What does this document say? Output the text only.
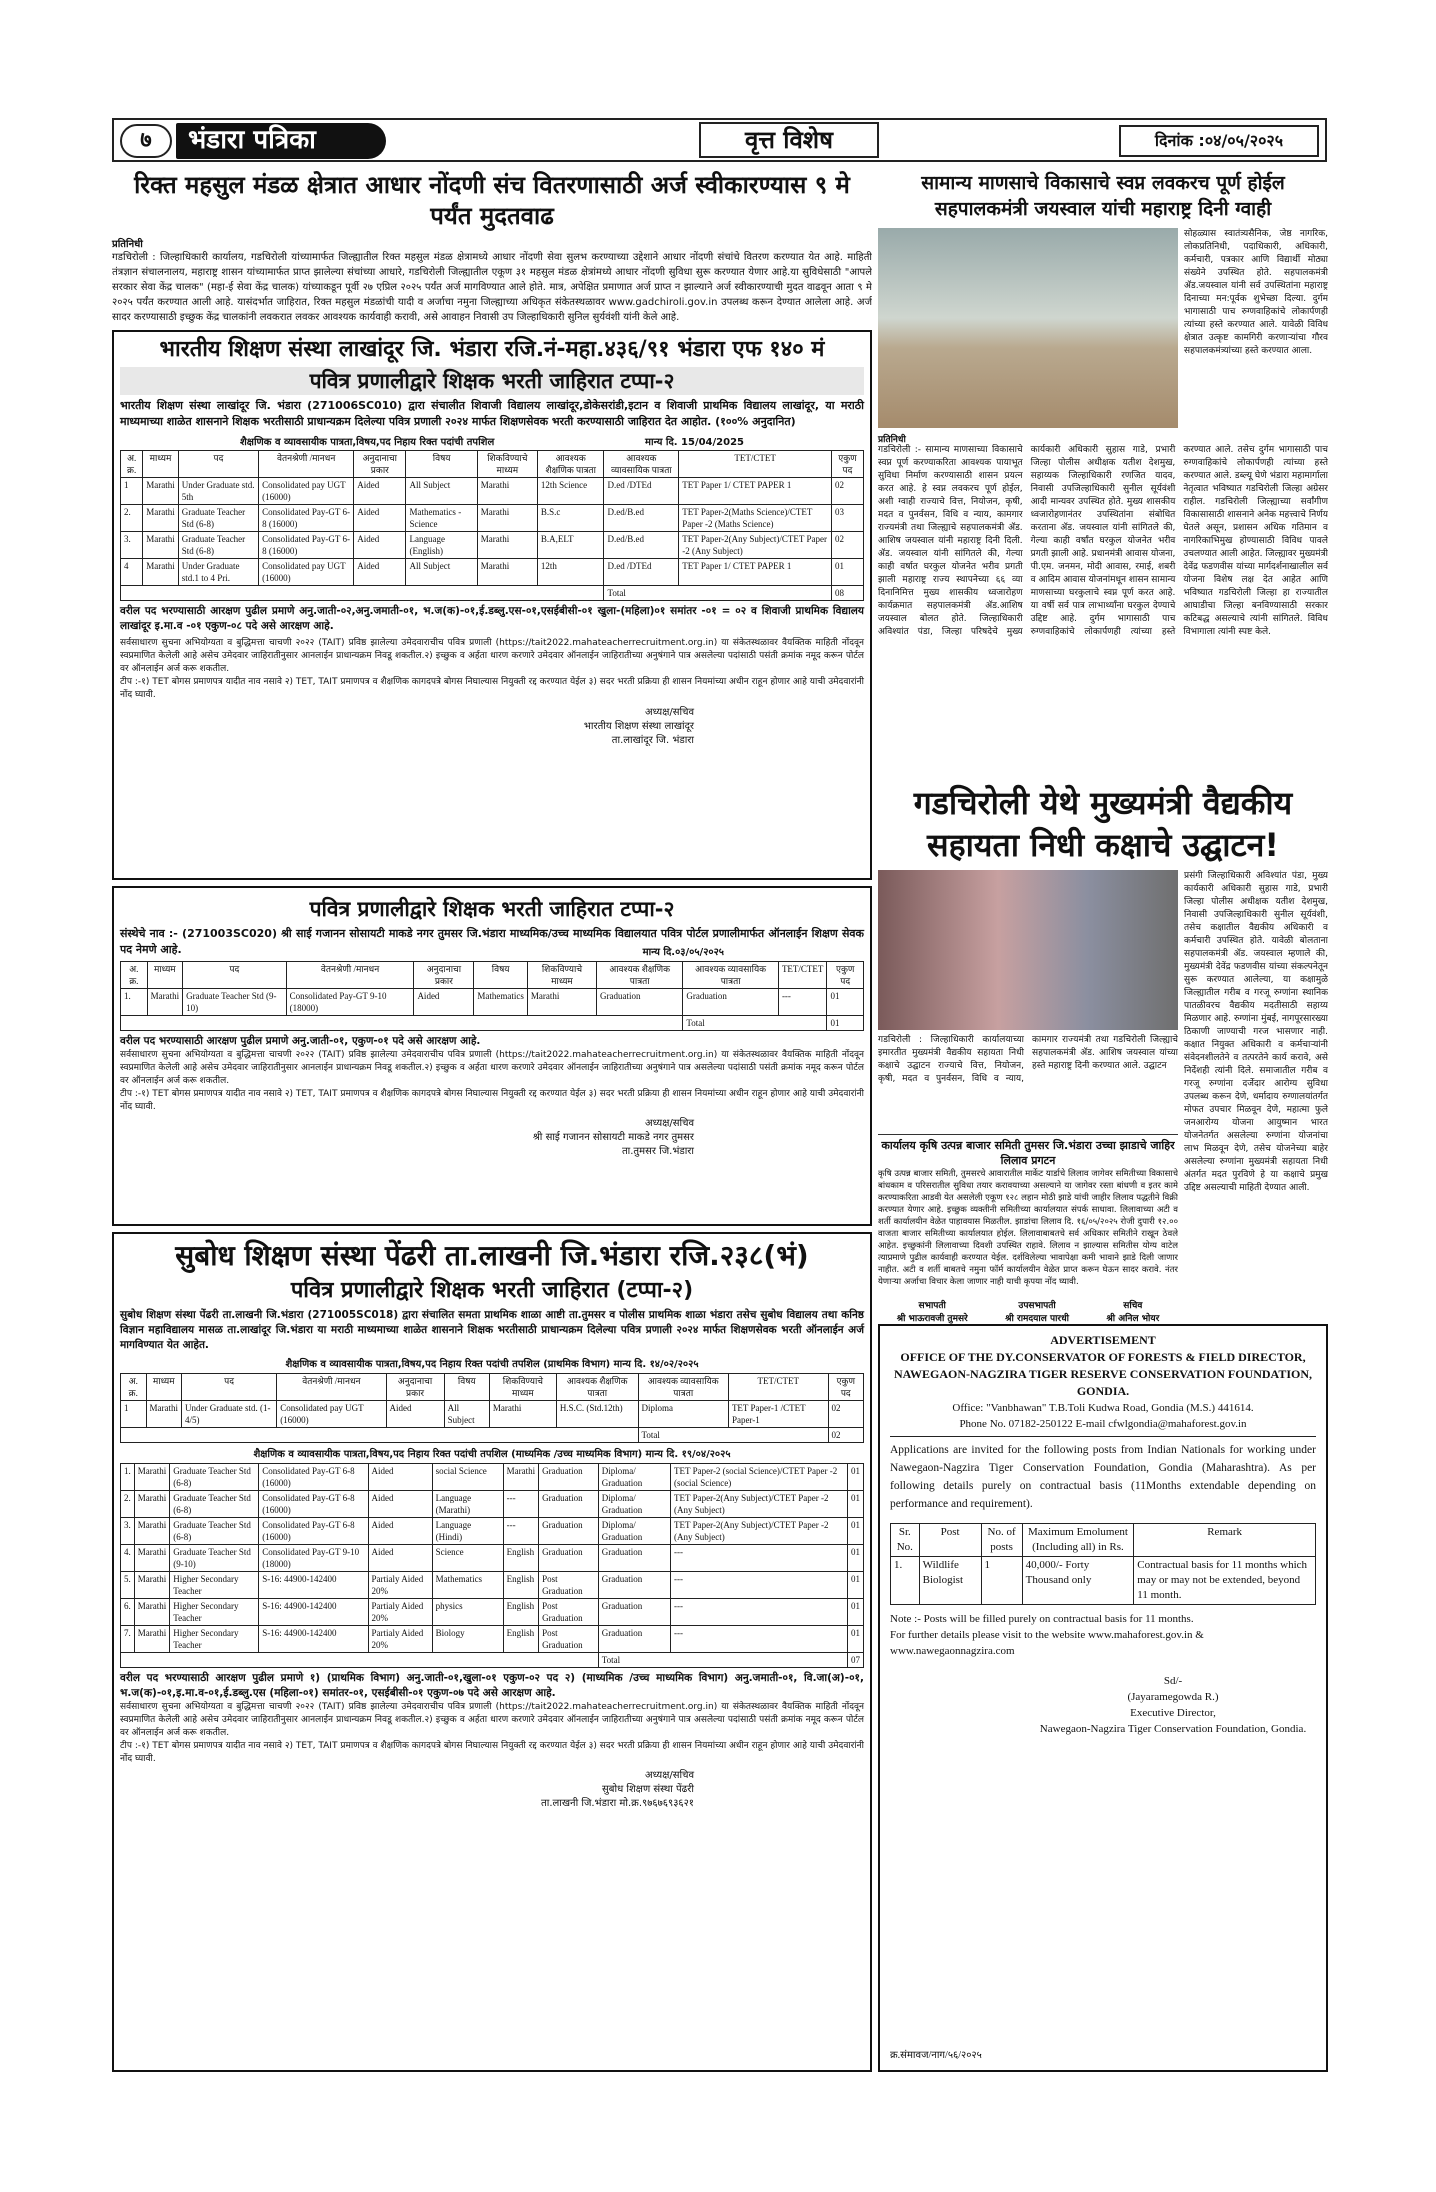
७	भंडारा पत्रिका	वृत्त विशेष	दिनांक :०४/०५/२०२५
रिक्त महसुल मंडळ क्षेत्रात आधार नोंदणी संच वितरणासाठी अर्ज स्वीकारण्यास ९ मे पर्यंत मुदतवाढ
प्रतिनिधी
गडचिरोली : जिल्हाधिकारी कार्यालय, गडचिरोली यांच्यामार्फत जिल्ह्यातील रिक्त महसुल मंडळ क्षेत्रामध्ये आधार नोंदणी सेवा सुलभ करण्याच्या उद्देशाने आधार नोंदणी संचांचे वितरण करण्यात येत आहे. माहिती तंत्रज्ञान संचालनालय, महाराष्ट्र शासन यांच्यामार्फत प्राप्त झालेल्या संचांच्या आधारे, गडचिरोली जिल्ह्यातील एकूण ३१ महसुल मंडळ क्षेत्रांमध्ये आधार नोंदणी सुविधा सुरू करण्यात येणार आहे.या सुविधेसाठी "आपले सरकार सेवा केंद्र चालक" (महा-ई सेवा केंद्र चालक) यांच्याकडून पूर्वी २७ एप्रिल २०२५ पर्यंत अर्ज मागविण्यात आले होते. मात्र, अपेक्षित प्रमाणात अर्ज प्राप्त न झाल्याने अर्ज स्वीकारण्याची मुदत वाढवून आता ९ मे २०२५ पर्यंत करण्यात आली आहे. यासंदर्भात जाहिरात, रिक्त महसुल मंडळांची यादी व अर्जाचा नमुना जिल्ह्याच्या अधिकृत संकेतस्थळावर www.gadchiroli.gov.in उपलब्ध करून देण्यात आलेला आहे. अर्ज सादर करण्यासाठी इच्छुक केंद्र चालकांनी लवकरात लवकर आवश्यक कार्यवाही करावी, असे आवाहन निवासी उप जिल्हाधिकारी सुनिल सुर्यवंशी यांनी केले आहे.
भारतीय शिक्षण संस्था लाखांदूर जि. भंडारा रजि.नं-महा.४३६/९१ भंडारा एफ १४० मं
पवित्र प्रणालीद्वारे शिक्षक भरती जाहिरात टप्पा-२
भारतीय शिक्षण संस्था लाखांदूर जि. भंडारा (271006SC010) द्वारा संचालीत शिवाजी विद्यालय लाखांदूर,डोकेसरांडी,इटान व शिवाजी प्राथमिक विद्यालय लाखांदूर, या मराठी माध्यमाच्या शाळेत शासनाने शिक्षक भरतीसाठी प्राधान्यक्रम दिलेल्या पवित्र प्रणाली २०२४ मार्फत शिक्षणसेवक भरती करण्यासाठी जाहिरात देत आहोत. (१००% अनुदानित)
शैक्षणिक व व्यावसायीक पात्रता,विषय,पद निहाय रिक्त पदांची तपशिल	मान्य दि. 15/04/2025
अ. क्र.	माध्यम	पद	वेतनश्रेणी /मानधन	अनुदानाचा प्रकार	विषय	शिकविण्याचे माध्यम	आवश्यक शैक्षणिक पात्रता	आवश्यक व्यावसायिक पात्रता	TET/CTET	एकुण पद
1	Marathi	Under Graduate std. 5th	Consolidated pay UGT (16000)	Aided	All Subject	Marathi	12th Science	D.ed /DTEd	TET Paper 1/ CTET PAPER 1	02
2.	Marathi	Graduate Teacher Std (6-8)	Consolidated Pay-GT 6-8 (16000)	Aided	Mathematics -Science	Marathi	B.S.c	D.ed/B.ed	TET Paper-2(Maths Science)/CTET Paper -2 (Maths Science)	03
3.	Marathi	Graduate Teacher Std (6-8)	Consolidated Pay-GT 6-8 (16000)	Aided	Language (English)	Marathi	B.A,ELT	D.ed/B.ed	TET Paper-2(Any Subject)/CTET Paper -2 (Any Subject)	02
4	Marathi	Under Graduate std.1 to 4 Pri.	Consolidated pay UGT (16000)	Aided	All Subject	Marathi	12th	D.ed /DTEd	TET Paper 1/ CTET PAPER 1	01
								Total		08
वरील पद भरण्यासाठी आरक्षण पुढील प्रमाणे अनु.जाती-०२,अनु.जमाती-०१, भ.ज(क)-०१,ई.डब्लु.एस-०१,एसईबीसी-०१ खुला-(महिला)०१ समांतर -०१ = ०२ व शिवाजी प्राथमिक विद्यालय लाखांदूर इ.मा.व -०१ एकुण-०८ पदे असे आरक्षण आहे.
सर्वसाधारण सुचना अभियोग्यता व बुद्धिमत्ता चाचणी २०२२ (TAIT) प्रविष्ठ झालेल्या उमेदवाराचीच पवित्र प्रणाली (https://tait2022.mahateacherrecruitment.org.in) या संकेतस्थळावर वैयक्तिक माहिती नोंदवून स्वप्रमाणित केलेली आहे असेच उमेदवार जाहिरातीनुसार आनलाईन प्राधान्यक्रम निवडू शकतील.२) इच्छुक व अर्हता धारण करणारे उमेदवार ऑनलाईन जाहिरातीच्या अनुषंगाने पात्र असलेल्या पदांसाठी पसंती क्रमांक नमूद करून पोर्टल वर ऑनलाईन अर्ज करू शकतील.
टीप :-१) TET बोगस प्रमाणपत्र यादीत नाव नसावे २) TET, TAIT प्रमाणपत्र व शैक्षणिक कागदपत्रे बोगस निघाल्यास नियुक्ती रद्द करण्यात येईल ३) सदर भरती प्रक्रिया ही शासन नियमांच्या अधीन राहून होणार आहे याची उमेदवारांनी नोंद घ्यावी.
अध्यक्ष/सचिव
भारतीय शिक्षण संस्था लाखांदूर
ता.लाखांदूर जि. भंडारा
पवित्र प्रणालीद्वारे शिक्षक भरती जाहिरात टप्पा-२
संस्थेचे नाव :- (271003SC020) श्री साई गजानन सोसायटी माकडे नगर तुमसर जि.भंडारा माध्यमिक/उच्च माध्यमिक विद्यालयात पवित्र पोर्टल प्रणालीमार्फत ऑनलाईन शिक्षण सेवक पद नेमणे आहे.	मान्य दि.०३/०५/२०२५
अ. क्र.	माध्यम	पद	वेतनश्रेणी /मानधन	अनुदानाचा प्रकार	विषय	शिकविण्याचे माध्यम	आवश्यक शैक्षणिक पात्रता	आवश्यक व्यावसायिक पात्रता	TET/CTET	एकुण पद
1.	Marathi	Graduate Teacher Std (9-10)	Consolidated Pay-GT 9-10 (18000)	Aided	Mathematics	Marathi	Graduation	Graduation	---	01
								Total		01
वरील पद भरण्यासाठी आरक्षण पुढील प्रमाणे अनु.जाती-०१, एकुण-०१ पदे असे आरक्षण आहे.
सर्वसाधारण सुचना अभियोग्यता व बुद्धिमत्ता चाचणी २०२२ (TAIT) प्रविष्ठ झालेल्या उमेदवाराचीच पवित्र प्रणाली (https://tait2022.mahateacherrecruitment.org.in) या संकेतस्थळावर वैयक्तिक माहिती नोंदवून स्वप्रमाणित केलेली आहे असेच उमेदवार जाहिरातीनुसार आनलाईन प्राधान्यक्रम निवडू शकतील.२) इच्छुक व अर्हता धारण करणारे उमेदवार ऑनलाईन जाहिरातीच्या अनुषंगाने पात्र असलेल्या पदांसाठी पसंती क्रमांक नमूद करून पोर्टल वर ऑनलाईन अर्ज करू शकतील.
टीप :-१) TET बोगस प्रमाणपत्र यादीत नाव नसावे २) TET, TAIT प्रमाणपत्र व शैक्षणिक कागदपत्रे बोगस निघाल्यास नियुक्ती रद्द करण्यात येईल ३) सदर भरती प्रक्रिया ही शासन नियमांच्या अधीन राहून होणार आहे याची उमेदवारांनी नोंद घ्यावी.
अध्यक्ष/सचिव
श्री साई गजानन सोसायटी माकडे नगर तुमसर
ता.तुमसर जि.भंडारा
सुबोध शिक्षण संस्था पेंढरी ता.लाखनी जि.भंडारा रजि.२३८(भं)
पवित्र प्रणालीद्वारे शिक्षक भरती जाहिरात (टप्पा-२)
सुबोध शिक्षण संस्था पेंढरी ता.लाखनी जि.भंडारा (271005SC018) द्वारा संचालित समता प्राथमिक शाळा आष्टी ता.तुमसर व पोलीस प्राथमिक शाळा भंडारा तसेच सुबोध विद्यालय तथा कनिष्ठ विज्ञान महाविद्यालय मासळ ता.लाखांदूर जि.भंडारा या मराठी माध्यमाच्या शाळेत शासनाने शिक्षक भरतीसाठी प्राधान्यक्रम दिलेल्या पवित्र प्रणाली २०२४ मार्फत शिक्षणसेवक भरती ऑनलाईन अर्ज मागविण्यात येत आहेत.
शैक्षणिक व व्यावसायीक पात्रता,विषय,पद निहाय रिक्त पदांची तपशिल (प्राथमिक विभाग) मान्य दि. १४/०२/२०२५
अ. क्र.	माध्यम	पद	वेतनश्रेणी /मानधन	अनुदानाचा प्रकार	विषय	शिकविण्याचे माध्यम	आवश्यक शैक्षणिक पात्रता	आवश्यक व्यावसायिक पात्रता	TET/CTET	एकुण पद
1	Marathi	Under Graduate std. (1-4/5)	Consolidated pay UGT (16000)	Aided	All Subject	Marathi	H.S.C. (Std.12th)	Diploma	TET Paper-1 /CTET Paper-1	02
								Total		02
शैक्षणिक व व्यावसायीक पात्रता,विषय,पद निहाय रिक्त पदांची तपशिल (माध्यमिक /उच्च माध्यमिक विभाग) मान्य दि. १९/०४/२०२५
1.	Marathi	Graduate Teacher Std (6-8)	Consolidated Pay-GT 6-8 (16000)	Aided	social Science	Marathi	Graduation	Diploma/ Graduation	TET Paper-2 (social Science)/CTET Paper -2 (social Science)	01
2.	Marathi	Graduate Teacher Std (6-8)	Consolidated Pay-GT 6-8 (16000)	Aided	Language (Marathi)	---	Graduation	Diploma/ Graduation	TET Paper-2(Any Subject)/CTET Paper -2 (Any Subject)	01
3.	Marathi	Graduate Teacher Std (6-8)	Consolidated Pay-GT 6-8 (16000)	Aided	Language (Hindi)	---	Graduation	Diploma/ Graduation	TET Paper-2(Any Subject)/CTET Paper -2 (Any Subject)	01
4.	Marathi	Graduate Teacher Std (9-10)	Consolidated Pay-GT 9-10 (18000)	Aided	Science	English	Graduation	Graduation	---	01
5.	Marathi	Higher Secondary Teacher	S-16: 44900-142400	Partialy Aided 20%	Mathematics	English	Post Graduation	Graduation	---	01
6.	Marathi	Higher Secondary Teacher	S-16: 44900-142400	Partialy Aided 20%	physics	English	Post Graduation	Graduation	---	01
7.	Marathi	Higher Secondary Teacher	S-16: 44900-142400	Partialy Aided 20%	Biology	English	Post Graduation	Graduation	---	01
								Total		07
वरील पद भरण्यासाठी आरक्षण पुढील प्रमाणे १) (प्राथमिक विभाग) अनु.जाती-०१,खुला-०१ एकुण-०२ पद २) (माध्यमिक /उच्च माध्यमिक विभाग) अनु.जमाती-०१, वि.जा(अ)-०१, भ.ज(क)-०१,इ.मा.व-०१,ई.डब्लु.एस (महिला-०१) समांतर-०१, एसईबीसी-०१ एकुण-०७ पदे असे आरक्षण आहे.
सर्वसाधारण सुचना अभियोग्यता व बुद्धिमत्ता चाचणी २०२२ (TAIT) प्रविष्ठ झालेल्या उमेदवाराचीच पवित्र प्रणाली (https://tait2022.mahateacherrecruitment.org.in) या संकेतस्थळावर वैयक्तिक माहिती नोंदवून स्वप्रमाणित केलेली आहे असेच उमेदवार जाहिरातीनुसार आनलाईन प्राधान्यक्रम निवडू शकतील.२) इच्छुक व अर्हता धारण करणारे उमेदवार ऑनलाईन जाहिरातीच्या अनुषंगाने पात्र असलेल्या पदांसाठी पसंती क्रमांक नमूद करून पोर्टल वर ऑनलाईन अर्ज करू शकतील.
टीप :-१) TET बोगस प्रमाणपत्र यादीत नाव नसावे २) TET, TAIT प्रमाणपत्र व शैक्षणिक कागदपत्रे बोगस निघाल्यास नियुक्ती रद्द करण्यात येईल ३) सदर भरती प्रक्रिया ही शासन नियमांच्या अधीन राहून होणार आहे याची उमेदवारांनी नोंद घ्यावी.
अध्यक्ष/सचिव
सुबोध शिक्षण संस्था पेंढरी
ता.लाखनी जि.भंडारा मो.क्र.९७६७६९३६२१
सामान्य माणसाचे विकासाचे स्वप्न लवकरच पूर्ण होईल सहपालकमंत्री जयस्वाल यांची महाराष्ट्र दिनी ग्वाही
सोहळ्यास स्वातंत्र्यसैनिक, जेष्ठ नागरिक, लोकप्रतिनिधी, पदाधिकारी, अधिकारी, कर्मचारी, पत्रकार आणि विद्यार्थी मोठ्या संख्येने उपस्थित होते. सहपालकमंत्री ॲड.जयस्वाल यांनी सर्व उपस्थितांना महाराष्ट्र दिनाच्या मन:पूर्वक शुभेच्छा दिल्या. दुर्गम भागासाठी पाच रुग्णवाहिकांचे लोकार्पणही त्यांच्या हस्ते करण्यात आले. यावेळी विविध क्षेत्रात उत्कृष्ट कामगिरी करणाऱ्यांचा गौरव सहपालकमंत्र्यांच्या हस्ते करण्यात आला.
प्रतिनिधी
गडचिरोली :- सामान्य माणसाच्या विकासाचे स्वप्न पूर्ण करण्याकरिता आवश्यक पायाभूत सुविधा निर्माण करण्यासाठी शासन प्रयत्न करत आहे. हे स्वप्न लवकरच पूर्ण होईल, अशी ग्वाही राज्याचे वित्त, नियोजन, कृषी, मदत व पुनर्वसन, विधि व न्याय, कामगार राज्यमंत्री तथा जिल्ह्याचे सहपालकमंत्री ॲड. आशिष जयस्वाल यांनी महाराष्ट्र दिनी दिली. ॲड. जयस्वाल यांनी सांगितले की, गेल्या काही वर्षात घरकुल योजनेत भरीव प्रगती झाली महाराष्ट्र राज्य स्थापनेच्या ६६ व्या दिनानिमित्त मुख्य शासकीय ध्वजारोहण कार्यक्रमात सहपालकमंत्री ॲड.आशिष जयस्वाल बोलत होते. जिल्हाधिकारी अविश्यांत पंडा, जिल्हा परिषदेचे मुख्य कार्यकारी अधिकारी सुहास गाडे, प्रभारी जिल्हा पोलीस अधीक्षक यतीश देशमुख, सहाय्यक जिल्हाधिकारी रणजित यादव, निवासी उपजिल्हाधिकारी सुनील सूर्यवंशी आदी मान्यवर उपस्थित होते. मुख्य शासकीय ध्वजारोहणानंतर उपस्थितांना संबोधित करताना ॲड. जयस्वाल यांनी सांगितले की, गेल्या काही वर्षांत घरकुल योजनेत भरीव प्रगती झाली आहे. प्रधानमंत्री आवास योजना, पी.एम. जनमन, मोदी आवास, रमाई, शबरी व आदिम आवास योजनांमधून शासन सामान्य माणसाच्या घरकुलाचे स्वप्न पूर्ण करत आहे. या वर्षी सर्व पात्र लाभार्थ्यांना घरकुल देण्याचे उद्दिष्ट आहे. दुर्गम भागासाठी पाच रुग्णवाहिकांचे लोकार्पणही त्यांच्या हस्ते करण्यात आले. तसेच दुर्गम भागासाठी पाच रुग्णवाहिकांचे लोकार्पणही त्यांच्या हस्ते करण्यात आले. डब्ल्यू घेणे भंडारा महामार्गाला नेतृत्वात भविष्यात गडचिरोली जिल्हा अग्रेसर राहील. गडचिरोली जिल्ह्याच्या सर्वांगीण विकासासाठी शासनाने अनेक महत्त्वाचे निर्णय घेतले असून, प्रशासन अधिक गतिमान व नागरिकाभिमुख होण्यासाठी विविध पावले उचलण्यात आली आहेत. जिल्ह्यावर मुख्यमंत्री देवेंद्र फडणवीस यांच्या मार्गदर्शनाखालील सर्व योजना विशेष लक्ष देत आहेत आणि भविष्यात गडचिरोली जिल्हा हा राज्यातील आघाडीचा जिल्हा बनविण्यासाठी सरकार कटिबद्ध असल्याचे त्यांनी सांगितले. विविध विभागाला त्यांनी स्पष्ट केले.
गडचिरोली येथे मुख्यमंत्री वैद्यकीय सहायता निधी कक्षाचे उद्घाटन!
प्रसंगी जिल्हाधिकारी अविश्यांत पंडा, मुख्य कार्यकारी अधिकारी सुहास गाडे, प्रभारी जिल्हा पोलीस अधीक्षक यतीश देशमुख, निवासी उपजिल्हाधिकारी सुनील सूर्यवंशी, तसेच कक्षातील वैद्यकीय अधिकारी व कर्मचारी उपस्थित होते. यावेळी बोलताना सहपालकमंत्री ॲड. जयस्वाल म्हणाले की, मुख्यमंत्री देवेंद्र फडणवीस यांच्या संकल्पनेतून सुरू करण्यात आलेल्या, या कक्षामुळे जिल्ह्यातील गरीब व गरजू रुग्णांना स्थानिक पातळीवरच वैद्यकीय मदतीसाठी सहाय्य मिळणार आहे. रुग्णांना मुंबई, नागपूरसारख्या ठिकाणी जाण्याची गरज भासणार नाही. कक्षात नियुक्त अधिकारी व कर्मचाऱ्यांनी संवेदनशीलतेने व तत्परतेने कार्य करावे, असे निर्देशही त्यांनी दिले. समाजातील गरीब व गरजू रुग्णांना दर्जेदार आरोग्य सुविधा उपलब्ध करून देणे, धर्मादाय रुग्णालयांतर्गत मोफत उपचार मिळवून देणे, महात्मा फुले जनआरोग्य योजना आयुष्मान भारत योजनेतर्गत असलेल्या रुग्णांना योजनांचा लाभ मिळवून देणे, तसेच योजनेच्या बाहेर असलेल्या रुग्णांना मुख्यमंत्री सहायता निधी अंतर्गत मदत पुरविणे हे या कक्षाचे प्रमुख उद्दिष्ट असल्याची माहिती देण्यात आली.
गडचिरोली : जिल्हाधिकारी कार्यालयाच्या इमारतीत मुख्यमंत्री वैद्यकीय सहायता निधी कक्षाचे उद्घाटन राज्याचे वित्त, नियोजन, कृषी, मदत व पुनर्वसन, विधि व न्याय, कामगार राज्यमंत्री तथा गडचिरोली जिल्ह्याचे सहपालकमंत्री ॲड. आशिष जयस्वाल यांच्या हस्ते महाराष्ट्र दिनी करण्यात आले. उद्घाटन
कार्यालय कृषि उत्पन्न बाजार समिती तुमसर जि.भंडारा उच्चा झाडाचे जाहिर लिलाव प्रगटन
कृषि उत्पन्न बाजार समिती, तुमसरचे आवारातील मार्केट यार्डाचे लिलाव जागेवर समितीच्या विकासाचे बांधकाम व परिसरातील सुविधा तयार करावयाच्या असल्याने या जागेवर रस्ता बांधणी व इतर कामे करण्याकरिता आडवी येत असलेली एकूण १२८ लहान मोठी झाडे यांची जाहीर लिलाव पद्धतीने विक्री करण्यात येणार आहे. इच्छुक व्यक्तीनी समितीच्या कार्यालयात संपर्क साधावा. लिलावाच्या अटी व शर्ती कार्यालयीन वेळेत पाहावयास मिळतील. झाडांचा लिलाव दि. १६/०५/२०२५ रोजी दुपारी १२.०० वाजता बाजार समितीच्या कार्यालयात होईल. लिलावाबाबतचे सर्व अधिकार समितीने राखून ठेवले आहेत. इच्छुकांनी लिलावाच्या दिवशी उपस्थित राहावे. लिलाव न झाल्यास समितीस योग्य वाटेल त्याप्रमाणे पुढील कार्यवाही करण्यात येईल. दर्शविलेल्या भावापेक्षा कमी भावाने झाडे दिली जाणार नाहीत. अटी व शर्ती बाबतचे नमुना फॉर्म कार्यालयीन वेळेत प्राप्त करून घेऊन सादर करावे. नंतर येणाऱ्या अर्जाचा विचार केला जाणार नाही याची कृपया नोंद घ्यावी.
सभापती
श्री भाऊरावजी तुमसरे
उपसभापती
श्री रामदयाल पारधी
सचिव
श्री अनिल भोयर
ADVERTISEMENT
OFFICE OF THE DY.CONSERVATOR OF FORESTS & FIELD DIRECTOR, NAWEGAON-NAGZIRA TIGER RESERVE CONSERVATION FOUNDATION, GONDIA.
Office: "Vanbhawan" T.B.Toli Kudwa Road, Gondia (M.S.) 441614.
Phone No. 07182-250122 E-mail cfwlgondia@mahaforest.gov.in
Applications are invited for the following posts from Indian Nationals for working under Nawegaon-Nagzira Tiger Conservation Foundation, Gondia (Maharashtra). As per following details purely on contractual basis (11Months extendable depending on performance and requirement).
Sr. No.	Post	No. of posts	Maximum Emolument (Including all) in Rs.	Remark
1.	Wildlife Biologist	1	40,000/- Forty Thousand only	Contractual basis for 11 months which may or may not be extended, beyond 11 month.
Note :- Posts will be filled purely on contractual basis for 11 months.
For further details please visit to the website www.mahaforest.gov.in & www.nawegaonnagzira.com
Sd/-
(Jayaramegowda R.)
Executive Director,
Nawegaon-Nagzira Tiger Conservation Foundation, Gondia.
क्र.संमावज/नाग/५६/२०२५
